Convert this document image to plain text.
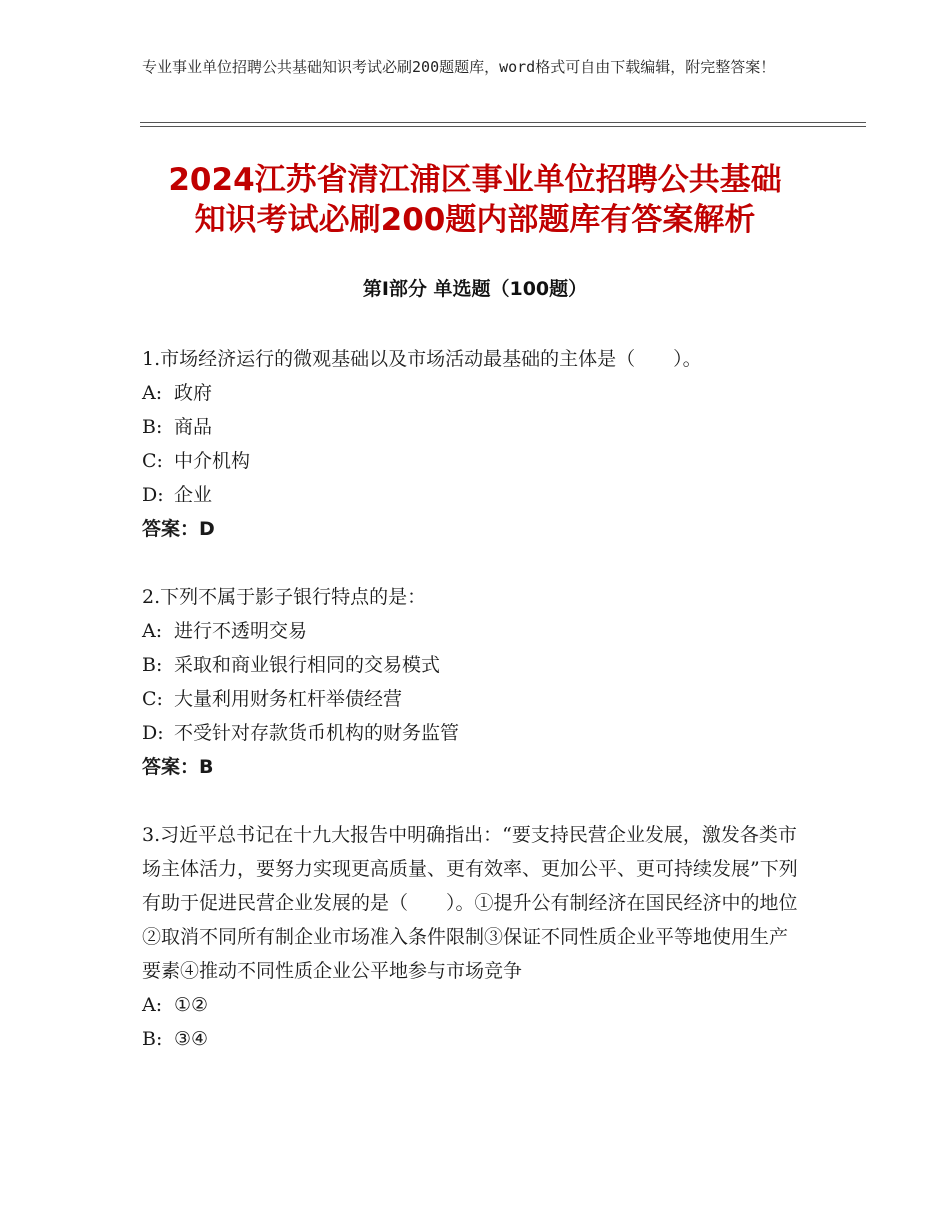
专业事业单位招聘公共基础知识考试必刷200题题库，word格式可自由下载编辑，附完整答案！
2024江苏省清江浦区事业单位招聘公共基础
知识考试必刷200题内部题库有答案解析
第Ⅰ部分 单选题（100题）

1.市场经济运行的微观基础以及市场活动最基础的主体是（　　）。

A: 政府

B: 商品

C: 中介机构

D: 企业

答案：D

2.下列不属于影子银行特点的是：

A: 进行不透明交易

B: 采取和商业银行相同的交易模式

C: 大量利用财务杠杆举债经营

D: 不受针对存款货币机构的财务监管

答案：B

3.习近平总书记在十九大报告中明确指出：“要支持民营企业发展，激发各类市场主体活力，要努力实现更高质量、更有效率、更加公平、更可持续发展”下列有助于促进民营企业发展的是（　　）。①提升公有制经济在国民经济中的地位②取消不同所有制企业市场准入条件限制③保证不同性质企业平等地使用生产要素④推动不同性质企业公平地参与市场竞争

A: ①②

B: ③④
